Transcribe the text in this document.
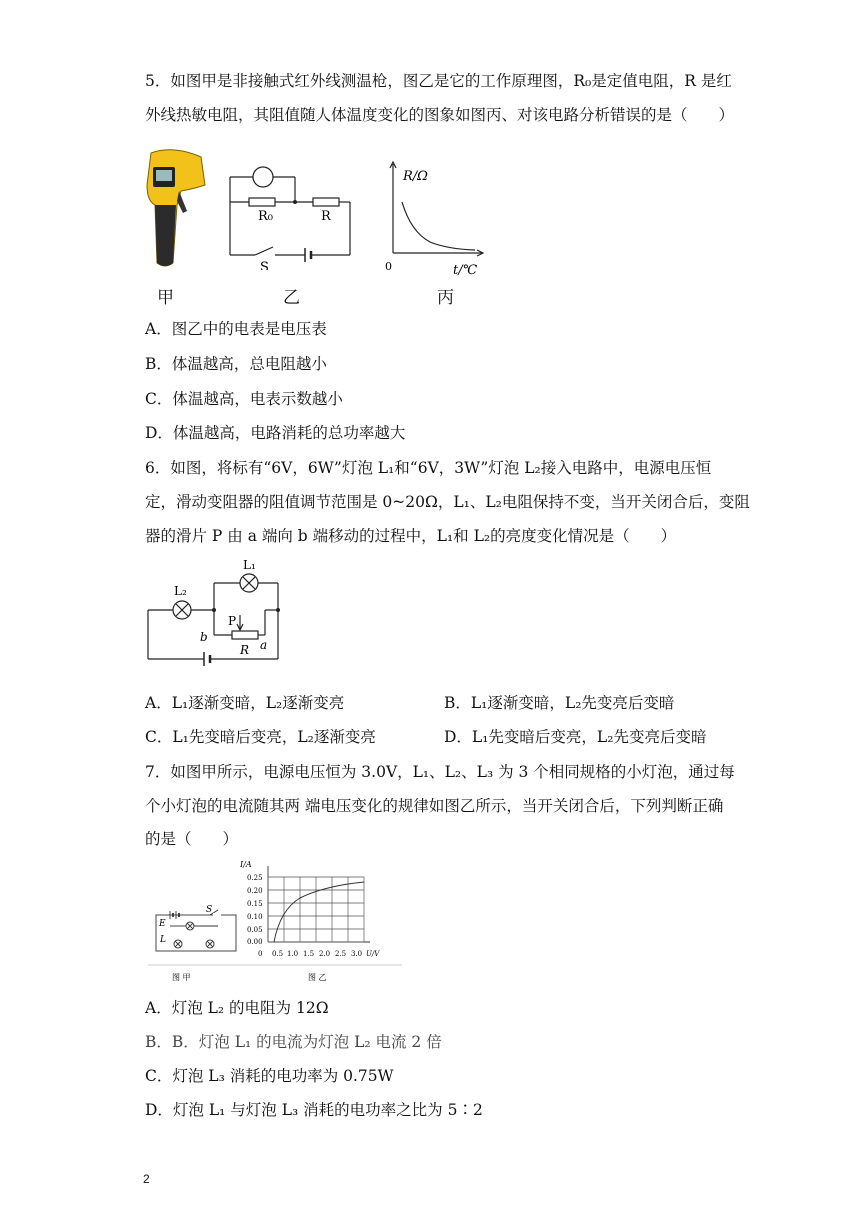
5．如图甲是非接触式红外线测温枪，图乙是它的工作原理图，R₀是定值电阻，R 是红
外线热敏电阻，其阻值随人体温度变化的图象如图丙、对该电路分析错误的是（　　）
R₀	R
S
R/Ω
0	t/℃
甲	乙	丙
A．图乙中的电表是电压表
B．体温越高，总电阻越小
C．体温越高，电表示数越小
D．体温越高，电路消耗的总功率越大
6．如图，将标有“6V，6W”灯泡 L₁和“6V，3W”灯泡 L₂接入电路中，电源电压恒
定，滑动变阻器的阻值调节范围是 0~20Ω，L₁、L₂电阻保持不变，当开关闭合后，变阻
器的滑片 P 由 a 端向 b 端移动的过程中，L₁和 L₂的亮度变化情况是（　　）
L₂
L₁
P
b
R a
A．L₁逐渐变暗，L₂逐渐变亮	B．L₁逐渐变暗，L₂先变亮后变暗
C．L₁先变暗后变亮，L₂逐渐变亮	D．L₁先变暗后变亮，L₂先变亮后变暗
7．如图甲所示，电源电压恒为 3.0V，L₁、L₂、L₃ 为 3 个相同规格的小灯泡，通过每
个小灯泡的电流随其两 端电压变化的规律如图乙所示，当开关闭合后，下列判断正确
的是（　　）
E
S
L
I/A
0.25
0.20
0.15
0.10
0.05
0.00
0 0.5 1.0 1.5 2.0 2.5 3.0 U/V
图 甲	图 乙
A．灯泡 L₂ 的电阻为 12Ω
B．B．灯泡 L₁ 的电流为灯泡 L₂ 电流 2 倍
C．灯泡 L₃ 消耗的电功率为 0.75W
D．灯泡 L₁ 与灯泡 L₃ 消耗的电功率之比为 5∶2
2
